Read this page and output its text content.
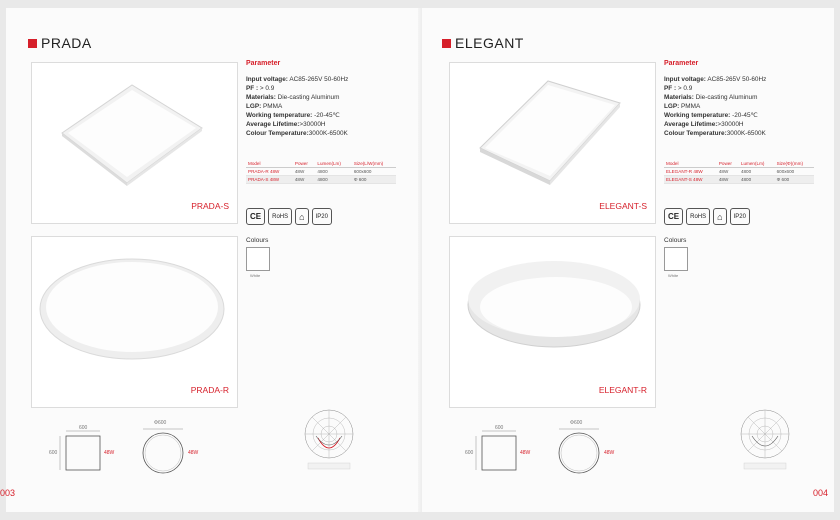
PRADA
PRADA-S
PRADA-R
Parameter
Input voltage: AC85-265V 50-60Hz
PF : > 0.9
Materials: Die-casting Aluminum
LGP: PMMA
Working temperature: -20-45℃
Average Lifetime:>30000H
Colour Temperature:3000K-6500K
Model	Power	Lumen(Lm)	Size(L/W(mm)
PRADA-R 48W	48W	4800	600x600
PRADA-S 48W	48W	4800	Φ 600
CE	RoHS	⌂	IP20
Colours
White
600
600
Φ600
48W	48W
003
ELEGANT
ELEGANT-S
ELEGANT-R
Parameter
Input voltage: AC85-265V 50-60Hz
PF : > 0.9
Materials: Die-casting Aluminum
LGP: PMMA
Working temperature: -20-45℃
Average Lifetime:>30000H
Colour Temperature:3000K-6500K
Model	Power	Lumen(Lm)	Size(Φ)(mm)
ELEGANT-R 48W	48W	4800	600x600
ELEGANT-S 48W	48W	4800	Φ 600
CE	RoHS	⌂	IP20
Colours
White
600
600
Φ600
48W	48W
004
